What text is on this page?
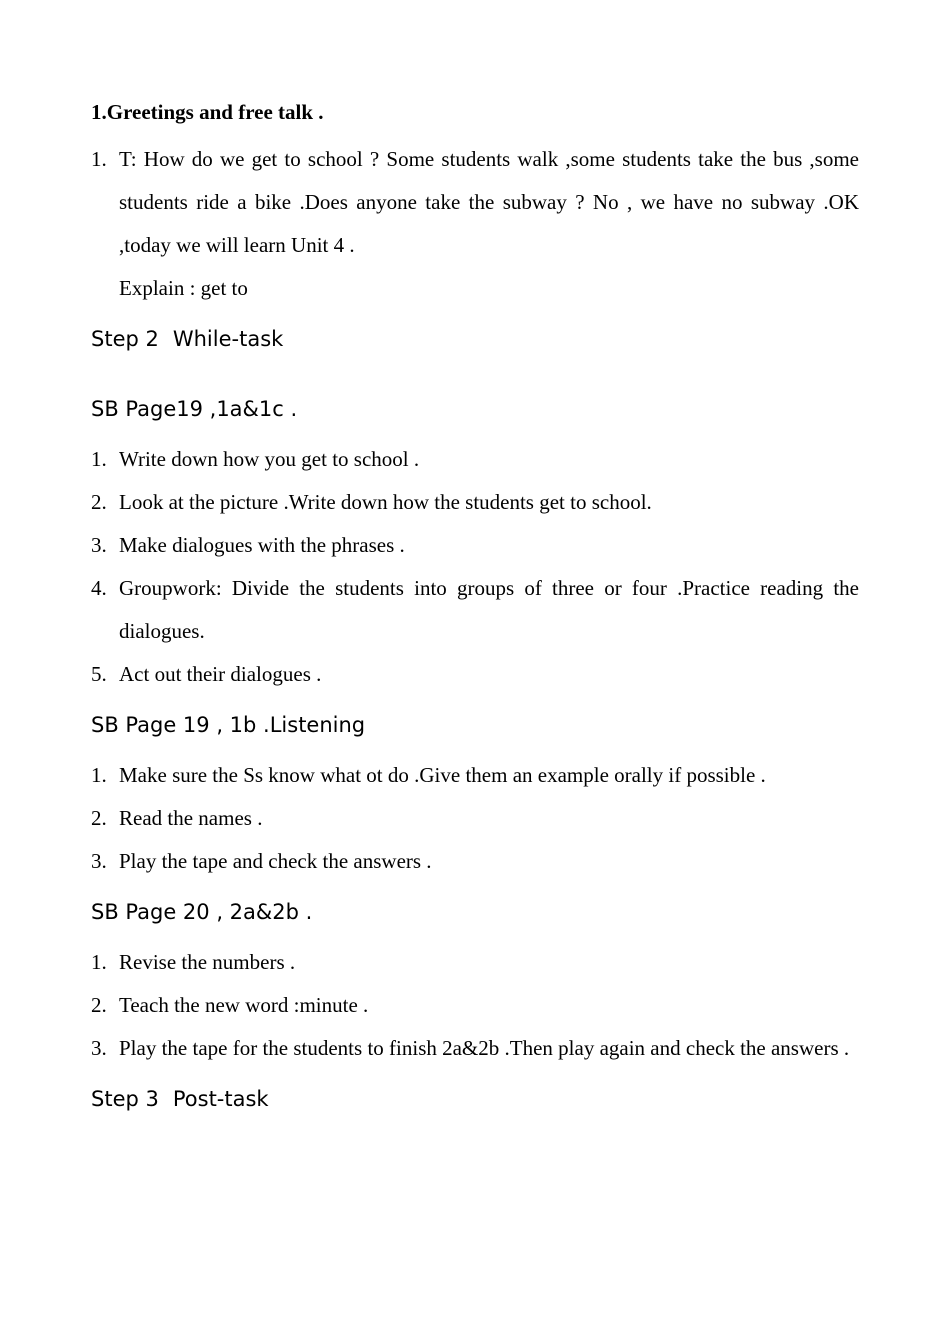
1.Greetings and free talk .
1. T: How do we get to school ? Some students walk ,some students take the bus ,some students ride a bike .Does anyone take the subway ? No , we have no subway .OK ,today we will learn Unit 4 .
Explain : get to
Step 2 While-task
SB Page19 ,1a&1c .
1. Write down how you get to school .
2. Look at the picture .Write down how the students get to school.
3. Make dialogues with the phrases .
4. Groupwork: Divide the students into groups of three or four .Practice reading the dialogues.
5. Act out their dialogues .
SB Page 19 , 1b .Listening
1. Make sure the Ss know what ot do .Give them an example orally if possible .
2. Read the names .
3. Play the tape and check the answers .
SB Page 20 , 2a&2b .
1. Revise the numbers .
2. Teach the new word :minute .
3. Play the tape for the students to finish 2a&2b .Then play again and check the answers .
Step 3 Post-task
